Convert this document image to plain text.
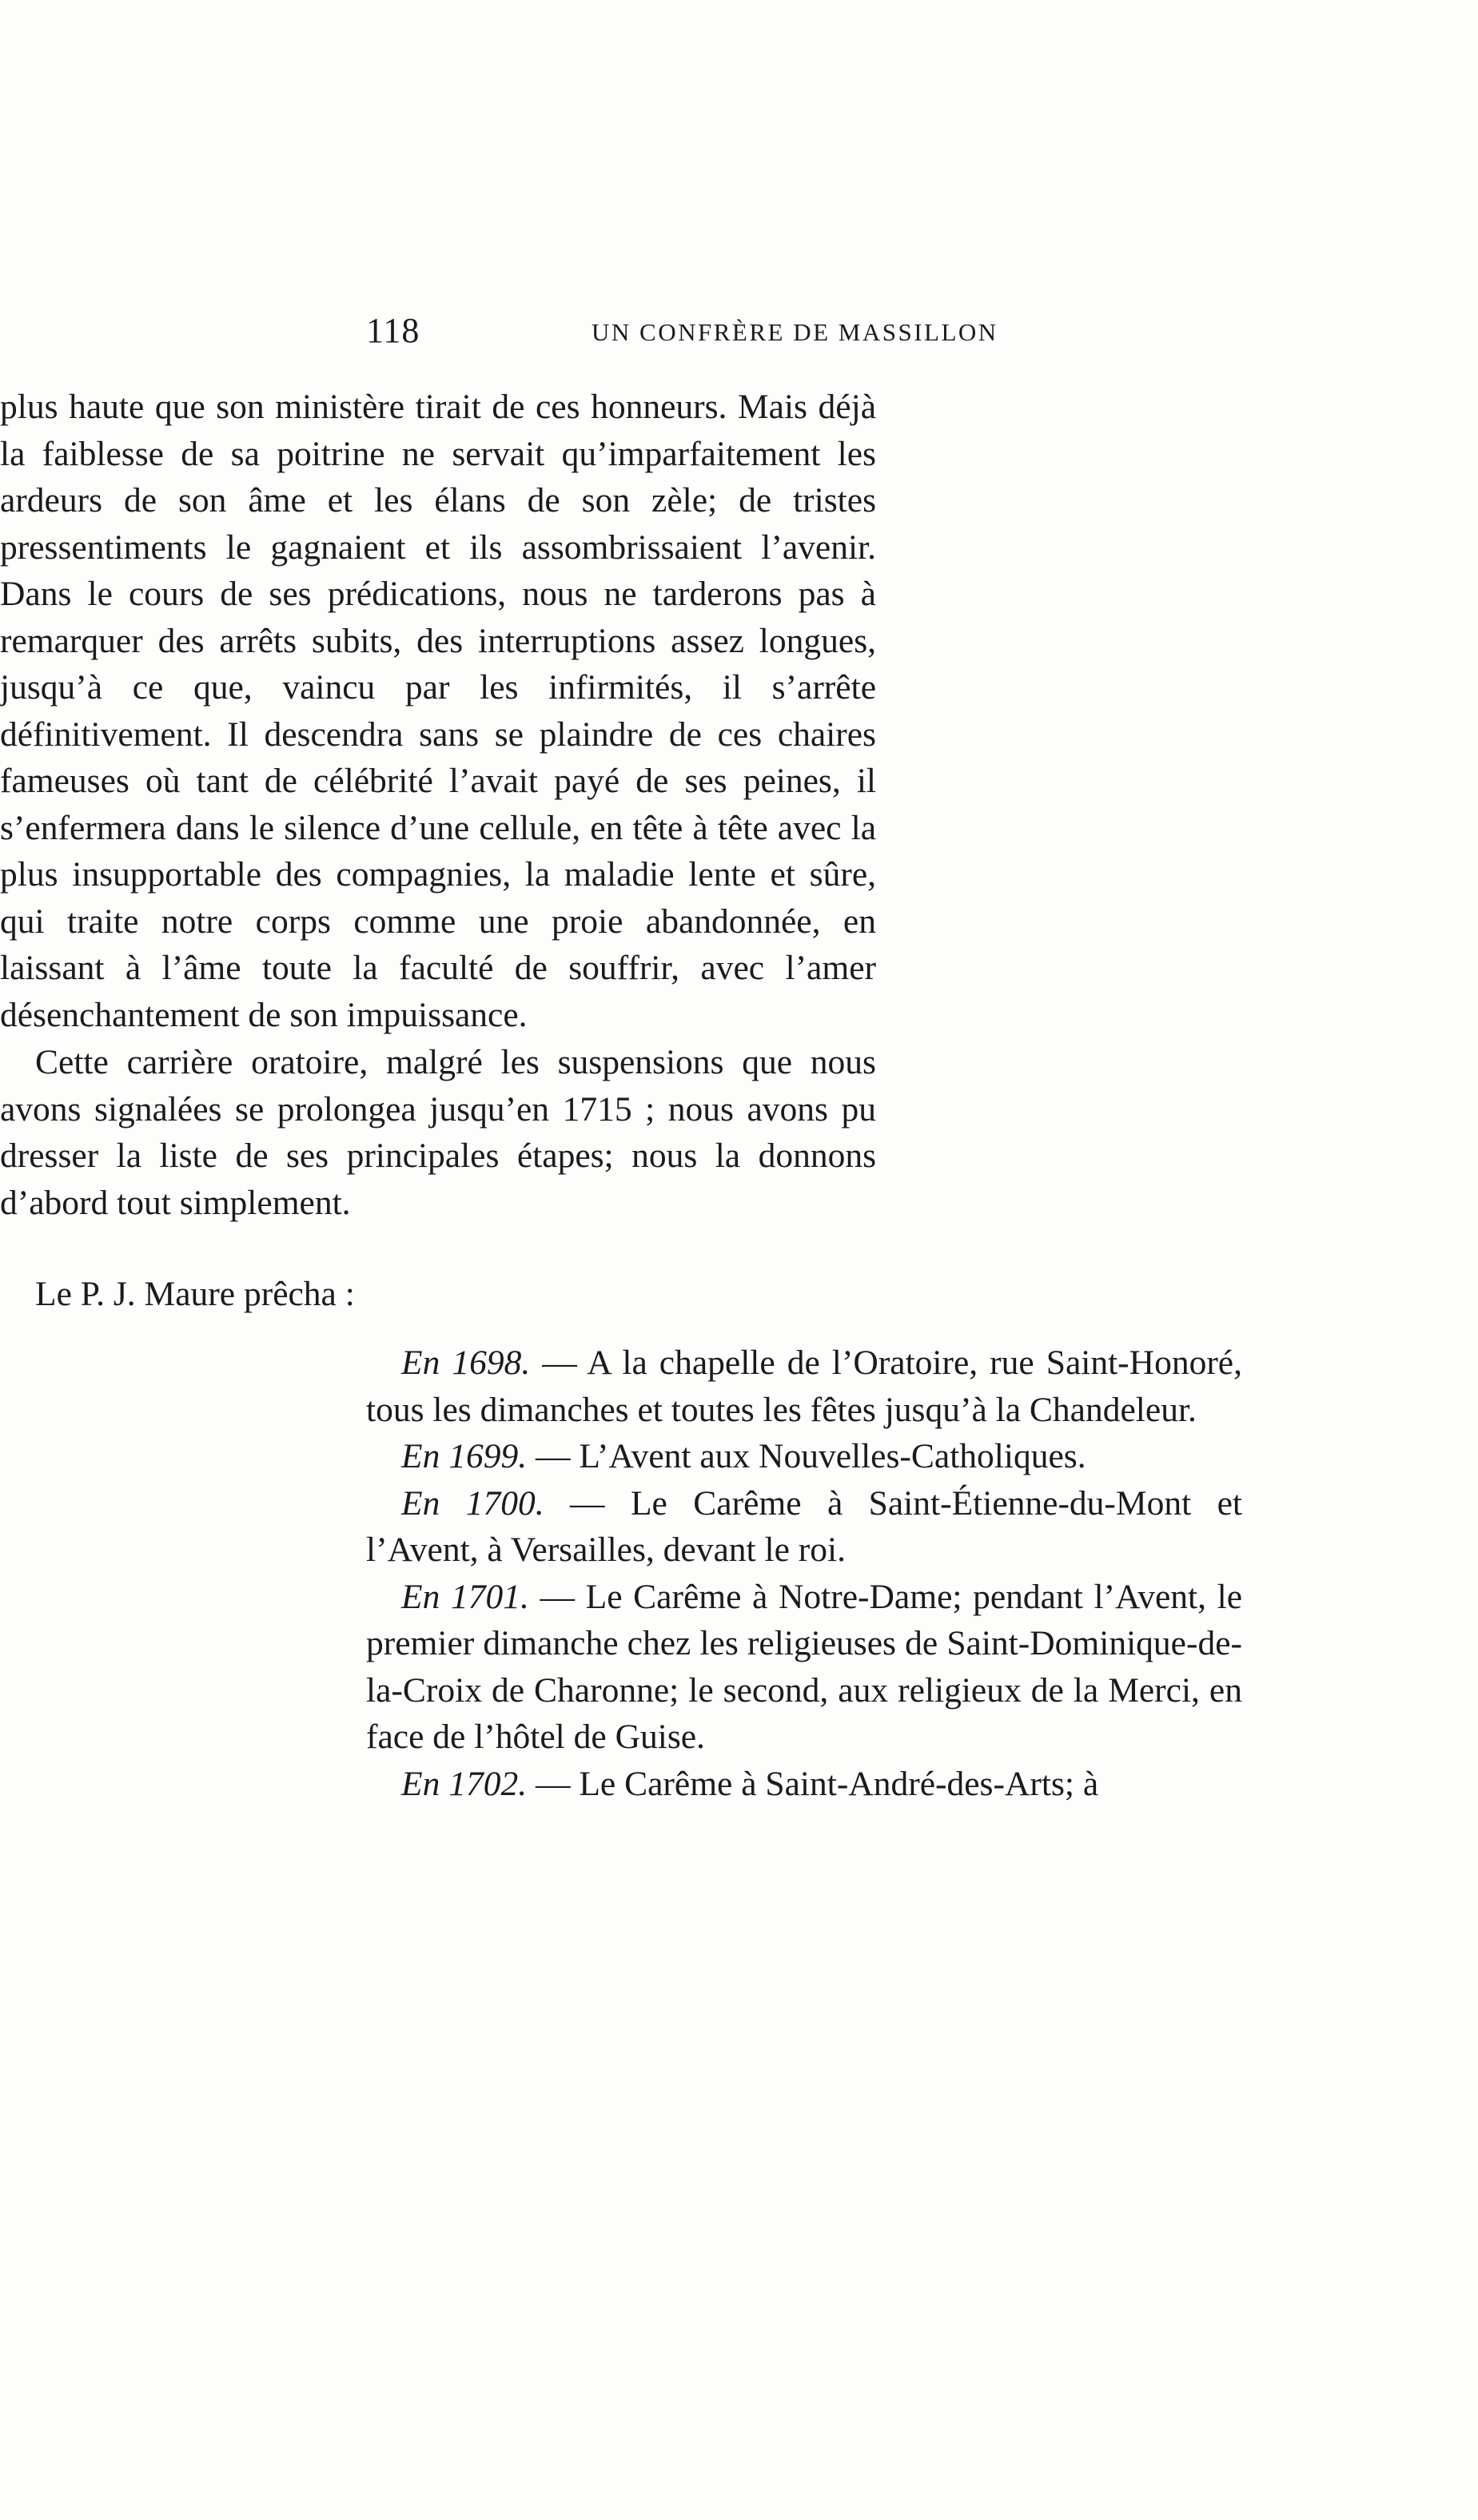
118	UN CONFRÈRE DE MASSILLON

plus haute que son ministère tirait de ces honneurs. Mais déjà la faiblesse de sa poitrine ne servait qu’imparfaitement les ardeurs de son âme et les élans de son zèle; de tristes pressentiments le gagnaient et ils assombrissaient l’avenir. Dans le cours de ses prédications, nous ne tarderons pas à remarquer des arrêts subits, des interruptions assez longues, jusqu’à ce que, vaincu par les infirmités, il s’arrête définitivement. Il descendra sans se plaindre de ces chaires fameuses où tant de célébrité l’avait payé de ses peines, il s’enfermera dans le silence d’une cellule, en tête à tête avec la plus insupportable des compagnies, la maladie lente et sûre, qui traite notre corps comme une proie abandonnée, en laissant à l’âme toute la faculté de souffrir, avec l’amer désenchantement de son impuissance.

Cette carrière oratoire, malgré les suspensions que nous avons signalées se prolongea jusqu’en 1715 ; nous avons pu dresser la liste de ses principales étapes; nous la donnons d’abord tout simplement.

Le P. J. Maure prêcha :

En 1698. — A la chapelle de l’Oratoire, rue Saint-Honoré, tous les dimanches et toutes les fêtes jusqu’à la Chandeleur.

En 1699. — L’Avent aux Nouvelles-Catholiques.

En 1700. — Le Carême à Saint-Étienne-du-Mont et l’Avent, à Versailles, devant le roi.

En 1701. — Le Carême à Notre-Dame; pendant l’Avent, le premier dimanche chez les religieuses de Saint-Dominique-de-la-Croix de Charonne; le second, aux religieux de la Merci, en face de l’hôtel de Guise.

En 1702. — Le Carême à Saint-André-des-Arts; à
